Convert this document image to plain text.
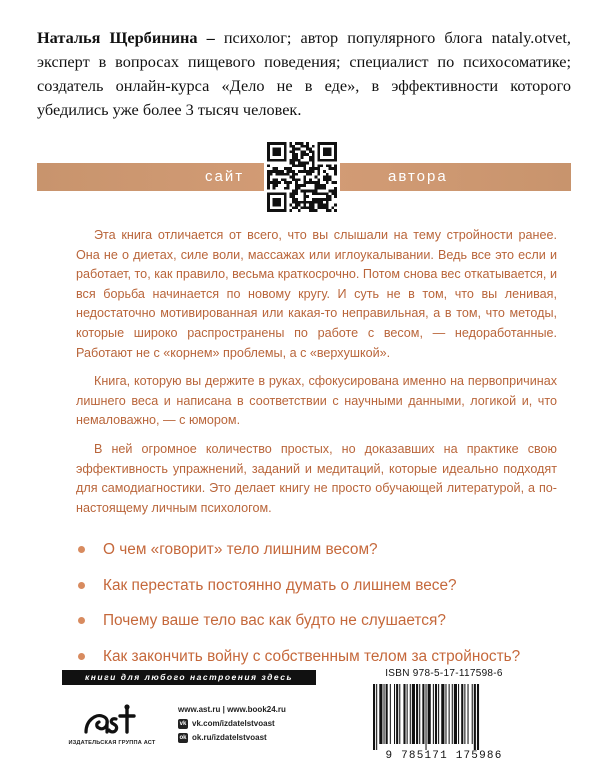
Наталья Щербинина – психолог; автор популярного блога nataly.otvet, эксперт в вопросах пищевого поведения; специалист по психосоматике; создатель онлайн-курса «Дело не в еде», в эффективности которого убедились уже более 3 тысяч человек.
сайт	автора

Эта книга отличается от всего, что вы слышали на тему стройности ранее. Она не о диетах, силе воли, массажах или иглоукалывании. Ведь все это если и работает, то, как правило, весьма краткосрочно. Потом снова вес откатывается, и вся борьба начинается по новому кругу. И суть не в том, что вы ленивая, недостаточно мотивированная или какая-то неправильная, а в том, что методы, которые широко распространены по работе с весом, — недоработанные. Работают не с «корнем» проблемы, а с «верхушкой».

Книга, которую вы держите в руках, сфокусирована именно на первопричинах лишнего веса и написана в соответствии с научными данными, логикой и, что немаловажно, — с юмором.

В ней огромное количество простых, но доказавших на практике свою эффективность упражнений, заданий и медитаций, которые идеально подходят для самодиагностики. Это делает книгу не просто обучающей литературой, а по-настоящему личным психологом.

О чем «говорит» тело лишним весом?
Как перестать постоянно думать о лишнем весе?
Почему ваше тело вас как будто не слушается?
Как закончить войну с собственным телом за стройность?
книги для любого настроения здесь
ИЗДАТЕЛЬСКАЯ ГРУППА АСТ
www.ast.ru | www.book24.ru
vk vk.com/izdatelstvoast
ok ok.ru/izdatelstvoast
ISBN 978-5-17-117598-6
9 785171 175986
